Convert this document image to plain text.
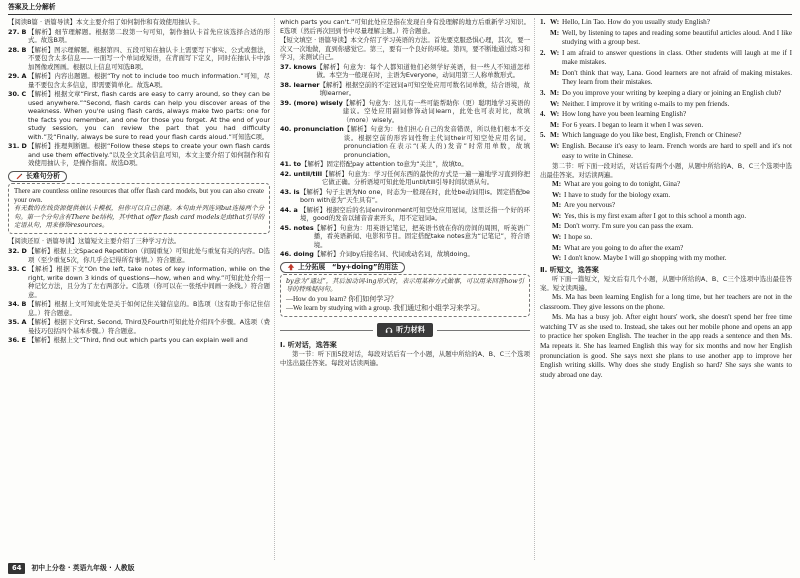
答案及上分解析
【阅读B篇 · 语篇导读】本文主要介绍了如何制作和有效使用抽认卡。
27. B 【解析】细节理解题。根据第二段第一句可知，制作抽认卡首先应该选择合适的形式。故选B项。
28. B 【解析】图示理解题。根据第四、五段可知在抽认卡上需要写下事实、公式或想法，不要包含太多信息——一面写一个单词或短语，在背面写下定义，同时在抽认卡中添加图像或图画。根据以上信息可知选B项。
29. A 【解析】内容出题题。根据“Try not to include too much information.”可知，尽量不要包含太多信息，即需要简单化。故选A项。
30. C 【解析】根据文章“First, flash cards are easy to carry around, so they can be used anywhere.”“Second, flash cards can help you discover areas of the weakness. When you're using flash cards, always make two parts: one for the facts you remember, and one for those you forget. At the end of your study session, you can review the part that you had difficulty with.”及“Finally, always be sure to read your flash cards aloud.”可知选C项。
31. D 【解析】推理判断题。根据“Follow these steps to create your own flash cards and use them effectively.”以及全文其余信息可知，本文主要介绍了如何制作和有效使用抽认卡，是操作指南。故选D项。
长难句分析
There are countless online resources that offer flash card models, but you can also create your own.
有无数的在线资源提供抽认卡模板，但你可以自己创建。本句由并列连词but连接两个分句。第一个分句含有There be结构，其中that offer flash card models是由that引导的定语从句，用来修饰resources。
【阅读还原 · 语篇导读】这篇短文主要介绍了三种学习方法。
32. D 【解析】根据上文Spaced Repetition（间隔重复）可知此处与重复有关的内容。D选项（至少重复5次，你几乎会记得所有事情。）符合题意。
33. C 【解析】根据下文“On the left, take notes of key information, while on the right, write down 3 kinds of questions—how, when and why.”可知此处介绍一种记忆方法，且分为了左右两部分。C选项（你可以在一张纸中间画一条线。）符合题意。
34. B 【解析】根据上文可知此处是关于如何记住关键信息的。B选项（这有助于你记住信息。）符合题意。
35. A 【解析】根据下文First, Second, Third及Fourth可知此处介绍四个步骤。A选项（费曼技巧包括四个基本步骤。）符合题意。
36. E 【解析】根据上文“Third, find out which parts you can explain well and
which parts you can't.”可知此处应是指在发现自身有没理解的地方后重新学习知识。E选项（然后再次回到书中尽量理解主题。）符合题意。
【短文填空 · 语篇导读】本文介绍了学习英语的方法。首先要克服恐惧心理，其次，要一次又一次地做，直到你感觉它。第三，要有一个良好的环境。第四，要不断地通过练习和学习，来测试自己。
37. knows 【解析】句意为：每个人都知道他们必须学好英语，但一些人不知道怎样做。本空为一般现在时，主语为Everyone，动词用第三人称单数形式。
38. learner 【解析】根据空前的不定冠词a可知空处应用可数名词单数，结合语境，故填learner。
39. (more) wisely 【解析】句意为：这儿有一些可能帮助你（更）聪明地学习英语的建议。空处应用副词修饰动词learn，此处也可表对比，故填（more）wisely。
40. pronunciation 【解析】句意为：他们担心自己的发音错误，所以他们根本不交谈。根据空前的形容词性物主代词their可知空处应用名词。pronunciation在表示“(某人的)发音”时常用单数，故填pronunciation。
41. to 【解析】固定搭配pay attention to意为“关注”，故填to。
42. until/till 【解析】句意为：学习任何东西的最快的方式是一遍一遍地学习直到你把它做正确。分析语境可知此处用until/till引导时间状语从句。
43. is 【解析】句子主语为No one，时态为一般现在时，此处be动词用is。固定搭配be born with意为“天生具有”。
44. a 【解析】根据空后的名词environment可知空处应用冠词，这里泛指一个好的环境，good的发音以辅音音素开头，用不定冠词a。
45. notes 【解析】句意为：用英语记笔记，把英语书放在你的房间的周围，听英语广播，看英语新闻、电影和节目。固定搭配take notes意为“记笔记”，符合语境。
46. doing 【解析】介词by后接名词、代词或动名词，故填doing。
上分拓展　“by+doing”的用法
by意为“通过”，其后加动词-ing形式时，表示用某种方式做事，可以用来回答how引导的特殊疑问句。
—How do you learn? 你们如何学习？
—We learn by studying with a group. 我们通过和小组学习来学习。
听力材料
Ⅰ. 听对话，选答案
第一节：听下面5段对话，每段对话后有一个小题，从题中所给的A、B、C三个选项中选出最佳答案。每段对话读两遍。
1. W: Hello, Lin Tao. How do you usually study English?
M: Well, by listening to tapes and reading some beautiful articles aloud. And I like studying with a group best.
2. W: I am afraid to answer questions in class. Other students will laugh at me if I make mistakes.
M: Don't think that way, Lana. Good learners are not afraid of making mistakes. They learn from their mistakes.
3. M: Do you improve your writing by keeping a diary or joining an English club?
W: Neither. I improve it by writing e-mails to my pen friends.
4. W: How long have you been learning English?
M: For 6 years. I began to learn it when I was seven.
5. M: Which language do you like best, English, French or Chinese?
W: English. Because it's easy to learn. French words are hard to spell and it's not easy to write in Chinese.
第二节：听下面一段对话，对话后有两个小题，从题中所给的A、B、C三个选项中选出最佳答案。对话读两遍。
M: What are you going to do tonight, Gina?
W: I have to study for the biology exam.
M: Are you nervous?
W: Yes, this is my first exam after I got to this school a month ago.
M: Don't worry. I'm sure you can pass the exam.
W: I hope so.
M: What are you going to do after the exam?
W: I don't know. Maybe I will go shopping with my mother.
Ⅱ. 听短文，选答案
听下面一篇短文，短文后有几个小题，从题中所给的A、B、C三个选项中选出最佳答案。短文读两遍。
Ms. Ma has been learning English for a long time, but her teachers are not in the classroom. They give lessons on the phone.
Ms. Ma has a busy job. After eight hours' work, she doesn't spend her free time watching TV as she used to. Instead, she takes out her mobile phone and opens an app to practice her spoken English. The teacher in the app reads a sentence and then Ms. Ma repeats it. She has learned English this way for six months and now her English pronunciation is good. She says next she plans to use another app to improve her English writing skills. Why does she study English so hard? She says she wants to study abroad one day.
64	初中上分卷 · 英语九年级 · 人教版
